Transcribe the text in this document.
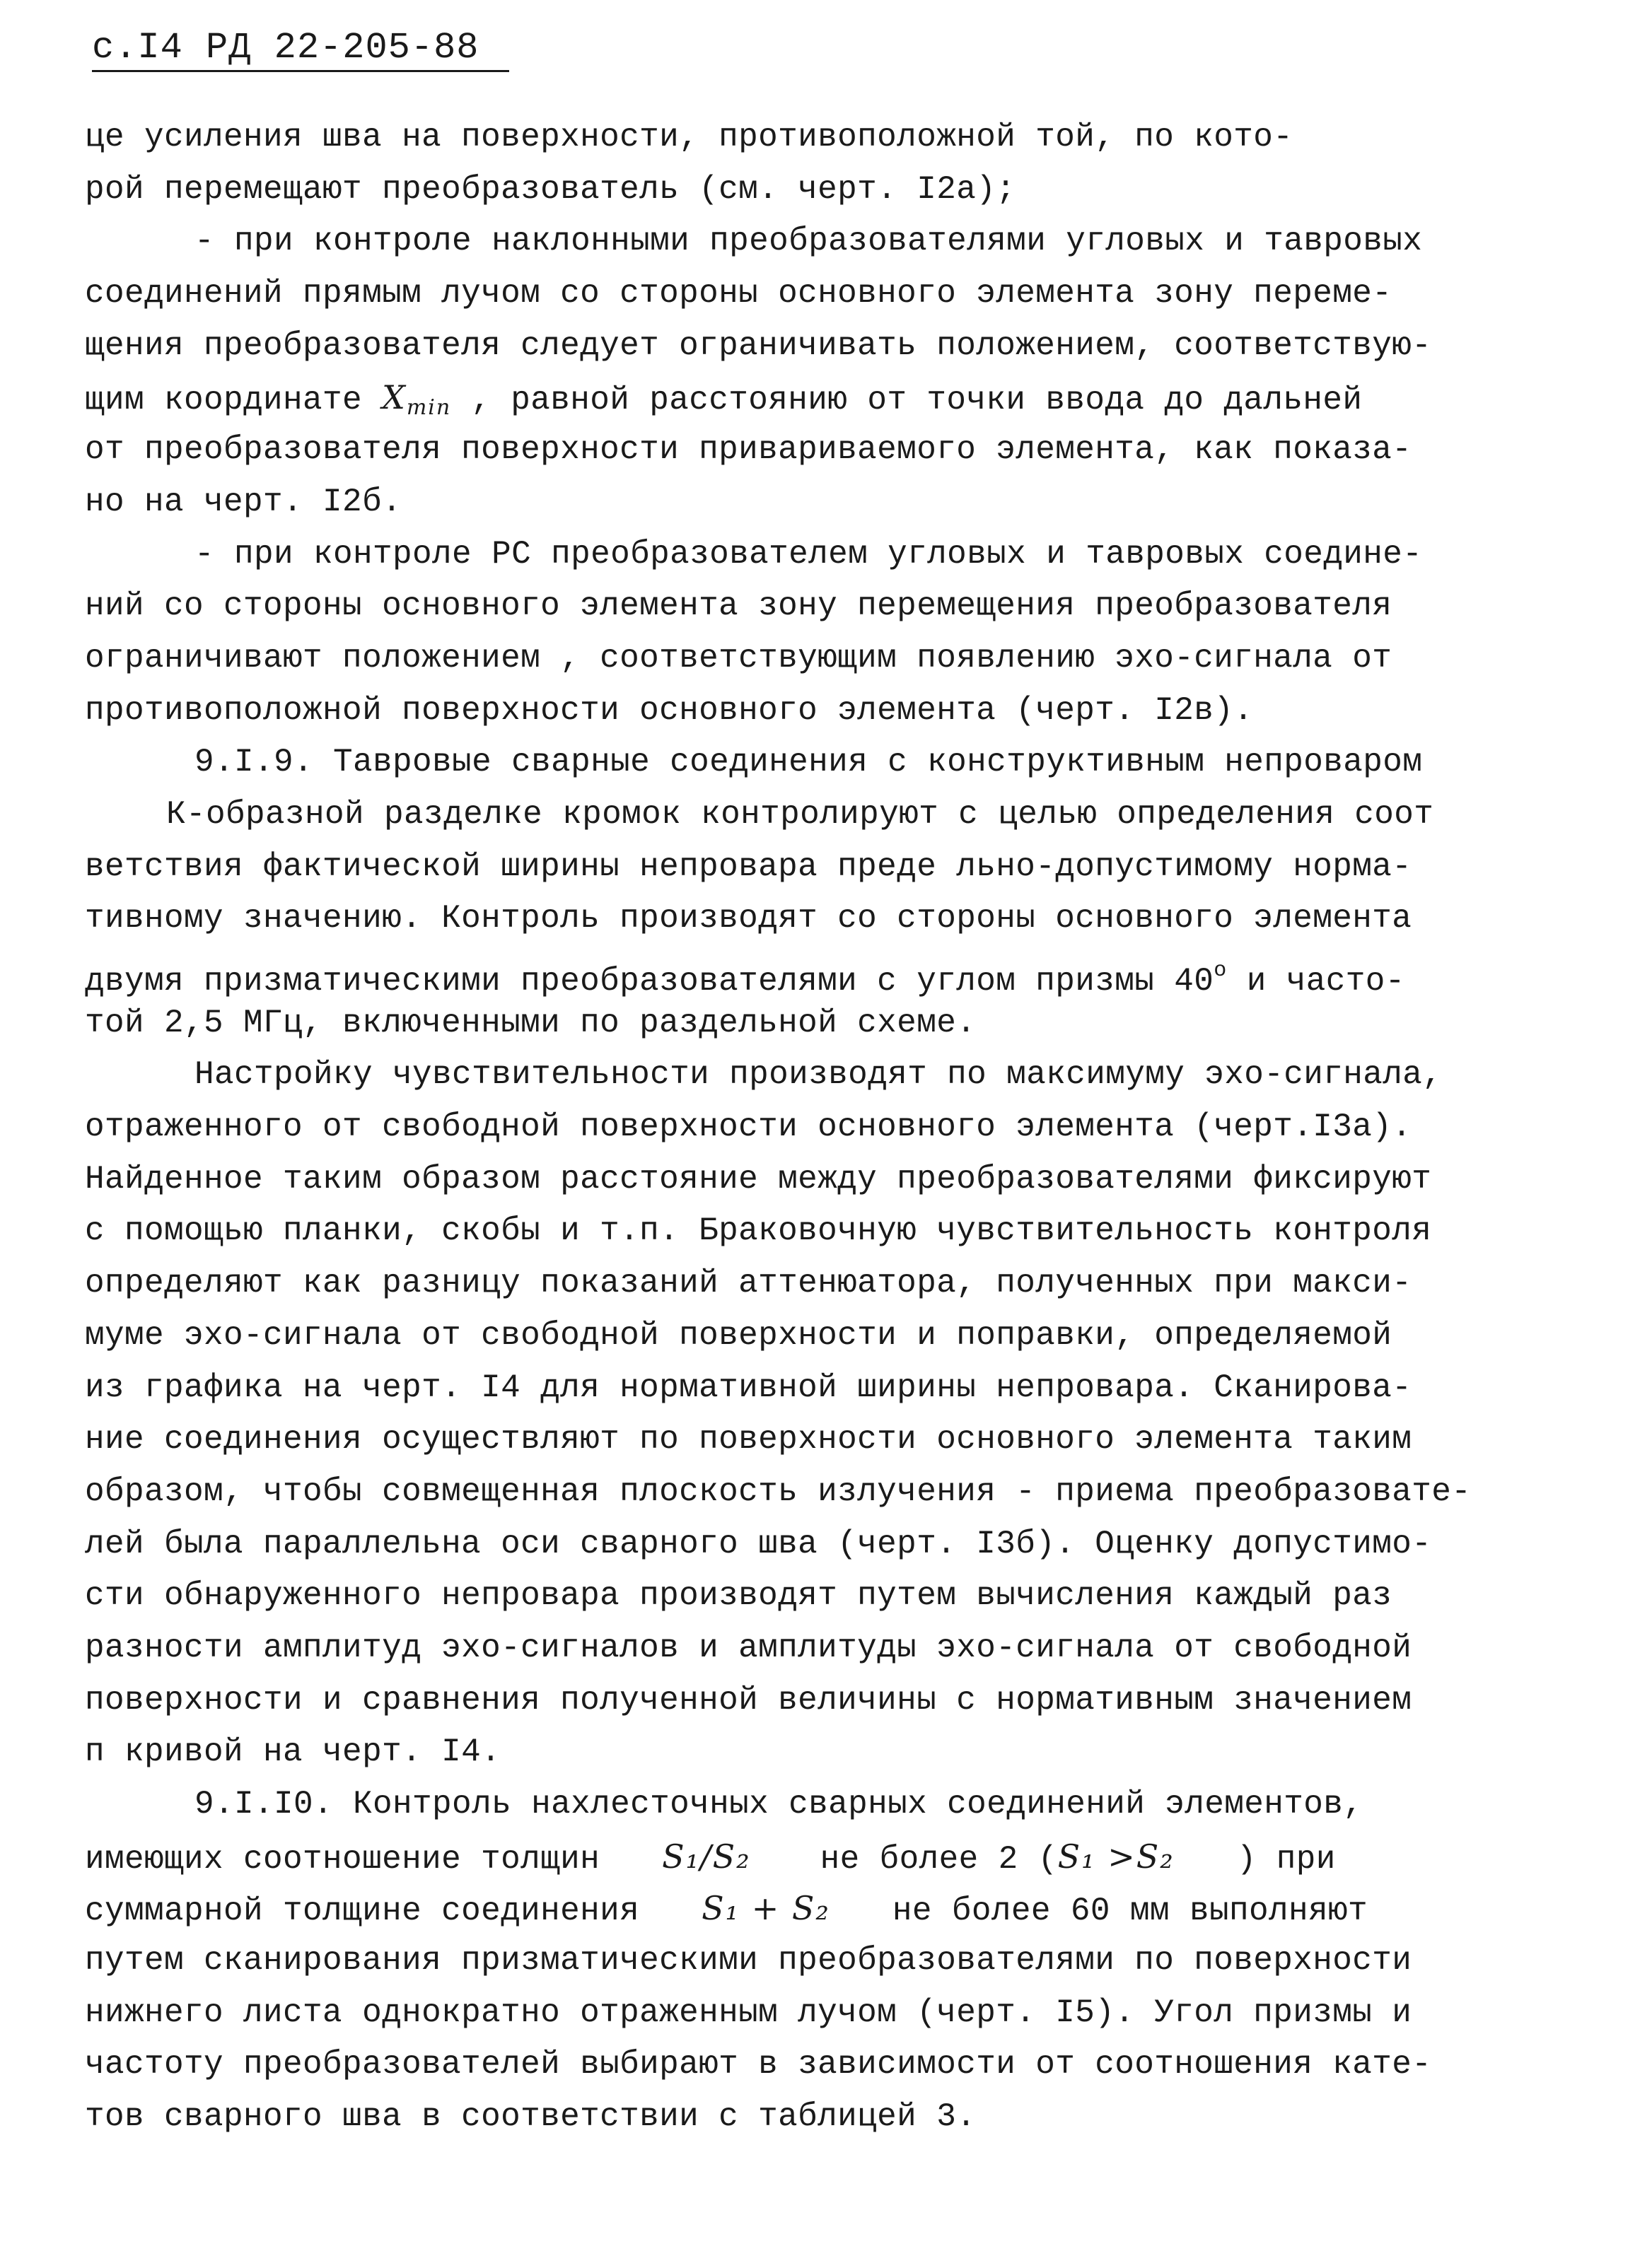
с.I4 РД 22-205-88
це усиления шва на поверхности, противоположной той, по кото-
рой перемещают преобразователь (см. черт. I2а);
- при контроле наклонными преобразователями угловых и тавровых
соединений прямым лучом со стороны основного элемента зону переме-
щения преобразователя следует ограничивать положением, соответствую-
щим координате $X_{min}$ , равной расстоянию от точки ввода до дальней
от преобразователя поверхности привариваемого элемента, как показа-
но на черт. I2б.
- при контроле РС преобразователем угловых и тавровых соедине-
ний со стороны основного элемента зону перемещения преобразователя
ограничивают положением , соответствующим появлению эхо-сигнала от
противоположной поверхности основного элемента (черт. I2в).
9.I.9. Тавровые сварные соединения с конструктивным непроваром
К-образной разделке кромок контролируют с целью определения соот
ветствия фактической ширины непровара преде льно-допустимому норма-
тивному значению. Контроль производят со стороны основного элемента
двумя призматическими преобразователями с углом призмы 40$^o$ и часто-
той 2,5 МГц, включенными по раздельной схеме.
Настройку чувствительности производят по максимуму эхо-сигнала,
отраженного от свободной поверхности основного элемента (черт.I3а).
Найденное таким образом расстояние между преобразователями фиксируют
с помощью планки, скобы и т.п. Браковочную чувствительность контроля
определяют как разницу показаний аттенюатора, полученных при макси-
муме эхо-сигнала от свободной поверхности и поправки, определяемой
из графика на черт. I4 для нормативной ширины непровара. Сканирова-
ние соединения осуществляют по поверхности основного элемента таким
образом, чтобы совмещенная плоскость излучения - приема преобразовате-
лей была параллельна оси сварного шва (черт. I3б). Оценку допустимо-
сти обнаруженного непровара производят путем вычисления каждый раз
разности амплитуд эхо-сигналов и амплитуды эхо-сигнала от свободной
поверхности и сравнения полученной величины с нормативным значением
п кривой на черт. I4.
9.I.I0. Контроль нахлесточных сварных соединений элементов,
имеющих соотношение толщин S₁/S₂ не более 2 (S₁ >S₂ ) при
суммарной толщине соединения S₁ + S₂ не более 60 мм выполняют
путем сканирования призматическими преобразователями по поверхности
нижнего листа однократно отраженным лучом (черт. I5). Угол призмы и
частоту преобразователей выбирают в зависимости от соотношения кате-
тов сварного шва в соответствии с таблицей 3.
